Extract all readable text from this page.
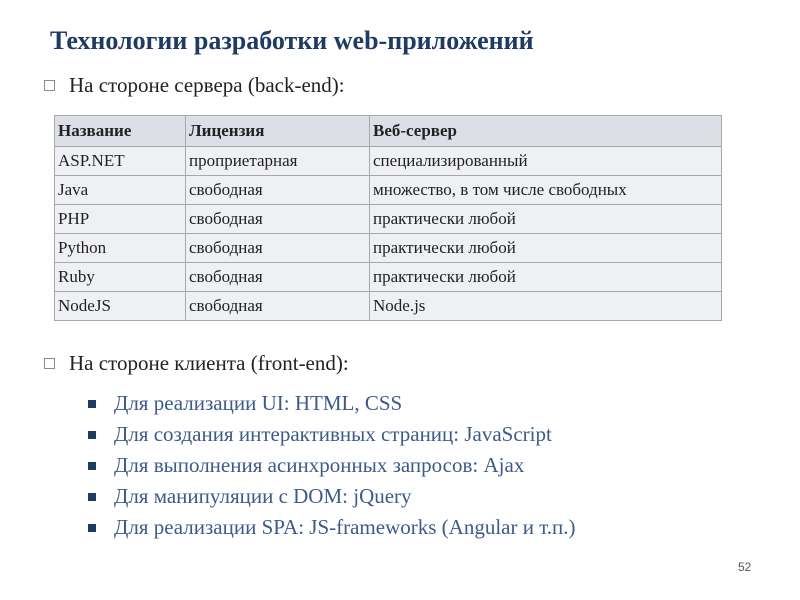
Технологии разработки web-приложений
На стороне сервера (back-end):
Название	Лицензия	Веб-сервер
ASP.NET	проприетарная	специализированный
Java	свободная	множество, в том числе свободных
PHP	свободная	практически любой
Python	свободная	практически любой
Ruby	свободная	практически любой
NodeJS	свободная	Node.js
На стороне клиента (front-end):
Для реализации UI: HTML, CSS
Для создания интерактивных страниц: JavaScript
Для выполнения асинхронных запросов: Ajax
Для манипуляции с DOM: jQuery
Для реализации SPA: JS-frameworks (Angular и т.п.)
52
